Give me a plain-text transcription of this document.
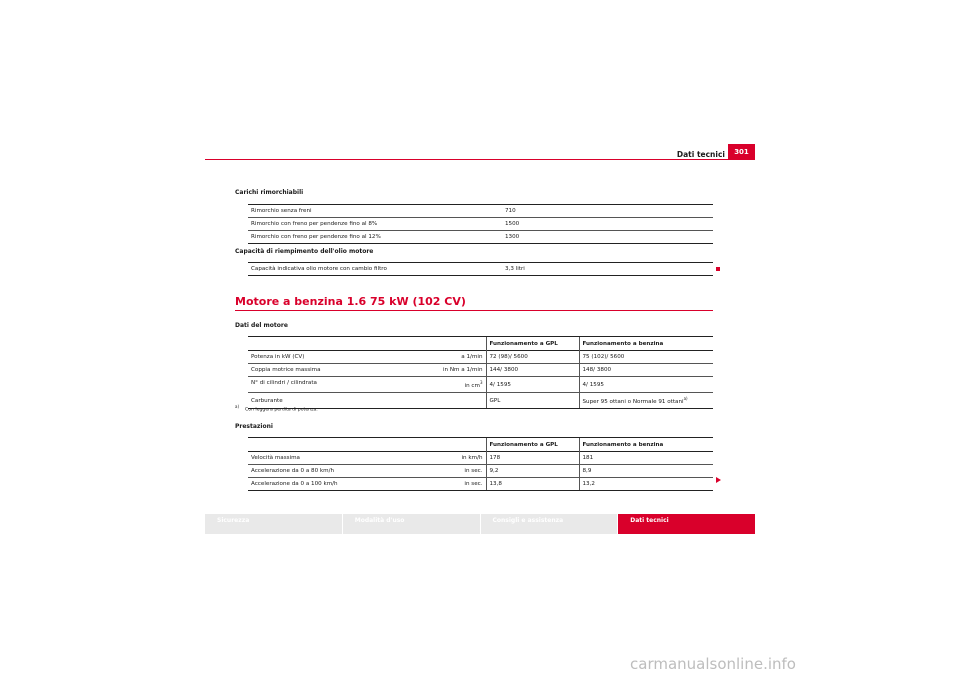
Dati tecnici	301
Carichi rimorchiabili
Rimorchio senza freni	710
Rimorchio con freno per pendenze fino al 8%	1500
Rimorchio con freno per pendenze fino al 12%	1300
Capacità di riempimento dell'olio motore
Capacità indicativa olio motore con cambio filtro	3,3 litri
Motore a benzina 1.6 75 kW (102 CV)
Dati del motore
	Funzionamento a GPL	Funzionamento a benzina
Potenza in kW (CV) a 1/min	72 (98)/ 5600	75 (102)/ 5600
Coppia motrice massima in Nm a 1/min	144/ 3800	148/ 3800
N° di cilindri / cilindrata in $cm^3$	4/ 1595	4/ 1595
Carburante	GPL	Super 95 ottani o Normale 91 ottani$^{a)}$
$^{a)}$Con leggera perdita di potenza.
Prestazioni
	Funzionamento a GPL	Funzionamento a benzina
Velocità massima in km/h	178	181
Accelerazione da 0 a 80 km/h in sec.	9,2	8,9
Accelerazione da 0 a 100 km/h in sec.	13,8	13,2
Sicurezza	Modalità d'uso	Consigli e assistenza	Dati tecnici
carmanualsonline.info
